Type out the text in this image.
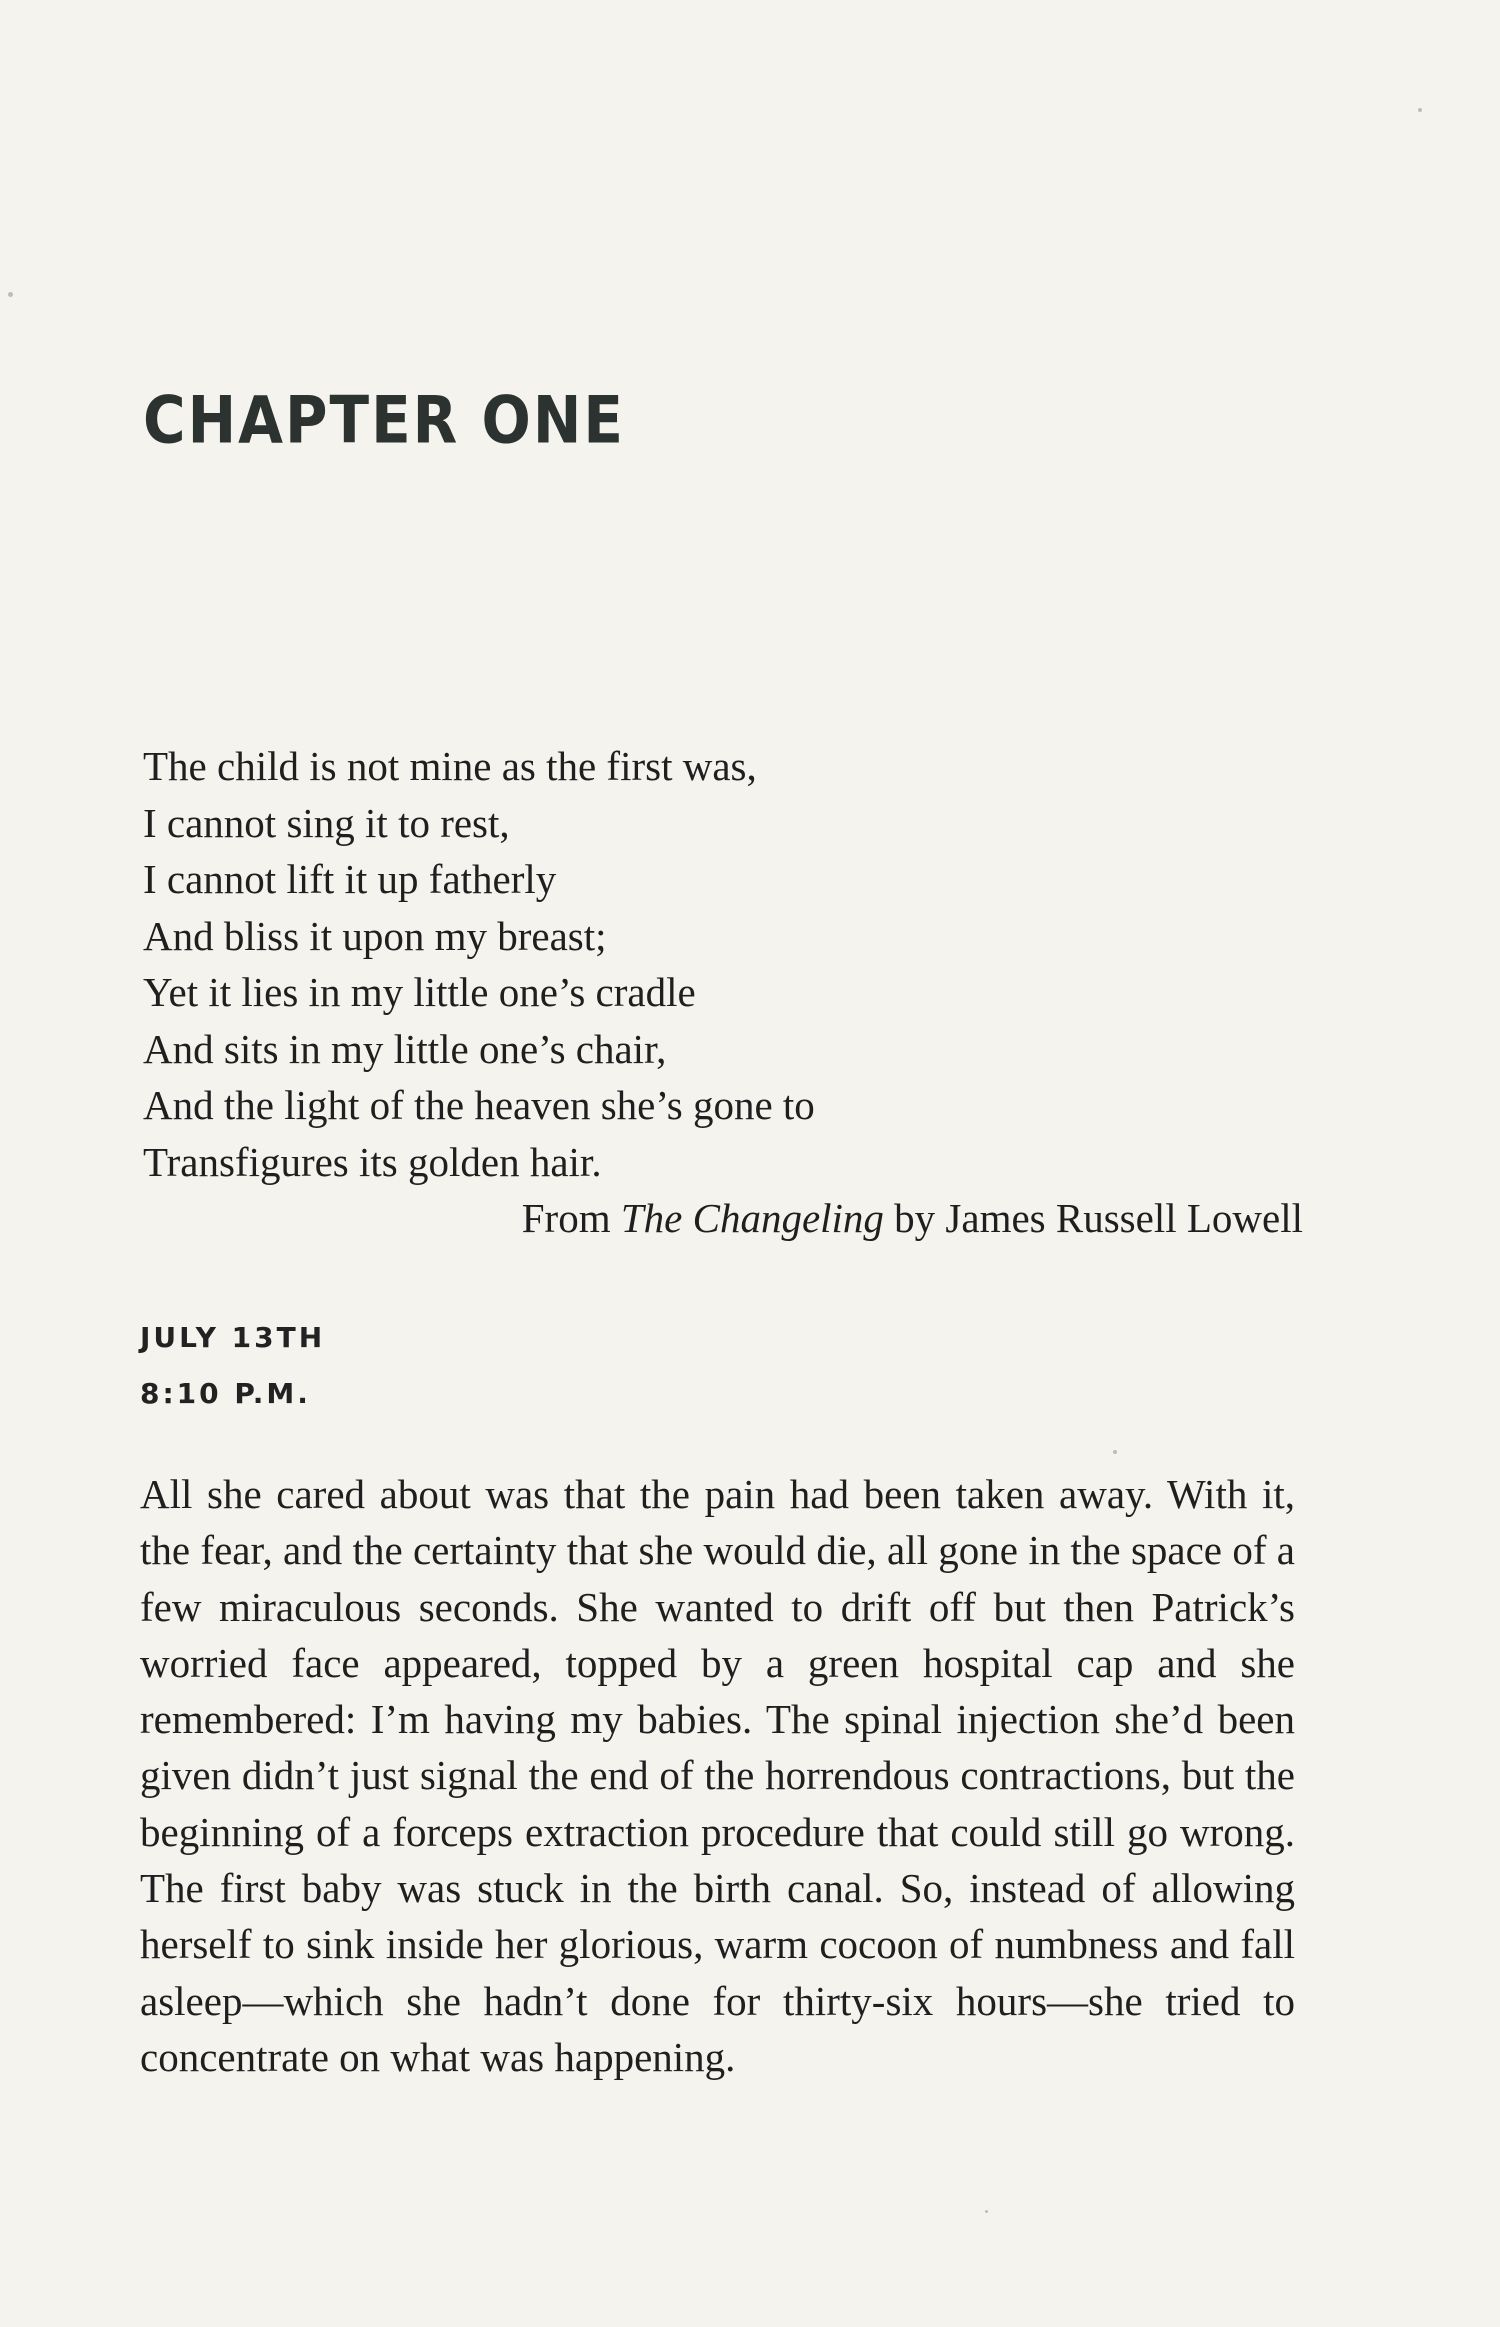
CHAPTER ONE
The child is not mine as the first was,
I cannot sing it to rest,
I cannot lift it up fatherly
And bliss it upon my breast;
Yet it lies in my little one’s cradle
And sits in my little one’s chair,
And the light of the heaven she’s gone to
Transfigures its golden hair.
From The Changeling by James Russell Lowell
JULY 13TH
8:10 P.M.

All she cared about was that the pain had been taken away. With it, the fear, and the certainty that she would die, all gone in the space of a few miraculous seconds. She wanted to drift off but then Patrick’s worried face appeared, topped by a green hospital cap and she remembered: I’m having my babies. The spinal injection she’d been given didn’t just signal the end of the horrendous contractions, but the beginning of a forceps extraction procedure that could still go wrong. The first baby was stuck in the birth canal. So, instead of allowing herself to sink inside her glorious, warm cocoon of numbness and fall asleep—which she hadn’t done for thirty-six hours—she tried to concentrate on what was happening.
